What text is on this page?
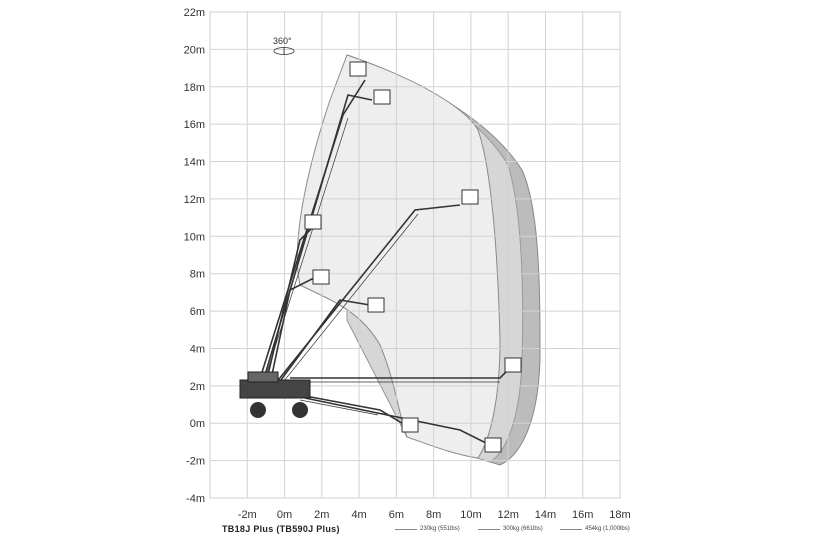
-2m 0m 2m 4m 6m 8m 10m 12m 14m 16m 18m
22m
20m
18m
16m
14m
12m
10m
8m
6m
4m
2m
0m
-2m
-4m
360°
TB18J Plus (TB590J Plus)	230kg (551lbs)	300kg (661lbs)	454kg (1,000lbs)
